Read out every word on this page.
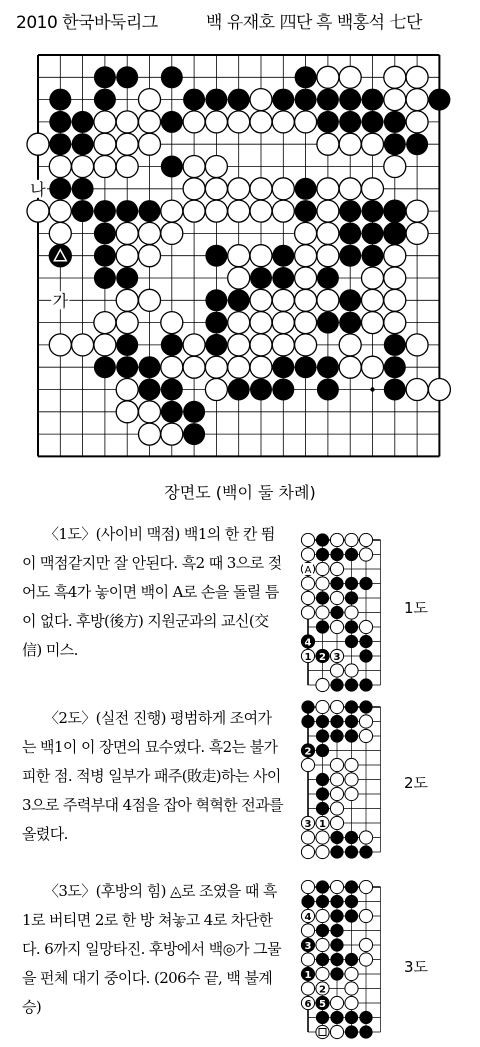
2010 한국바둑리그	백 유재호 四단 흑 백홍석 七단
나
가
장면도 (백이 둘 차례)
〈1도〉(사이비 맥점) 백1의 한 칸 뜀이 맥점같지만 잘 안된다. 흑2 때 3으로 젖어도 흑4가 놓이면 백이 A로 손을 돌릴 틈이 없다. 후방(後方) 지원군과의 교신(交信) 미스.
〈2도〉(실전 진행) 평범하게 조여가는 백1이 이 장면의 묘수였다. 흑2는 불가피한 점. 적병 일부가 패주(敗走)하는 사이 3으로 주력부대 4점을 잡아 혁혁한 전과를 올렸다.
〈3도〉(후방의 힘) ◬로 조였을 때 흑1로 버티면 2로 한 방 쳐놓고 4로 차단한다. 6까지 일망타진. 후방에서 백◎가 그물을 펀체 대기 중이다. (206수 끝, 백 불계승)
4
1 2 3
A
2
3 1
4
3
1
2
6 5
1도
2도
3도
